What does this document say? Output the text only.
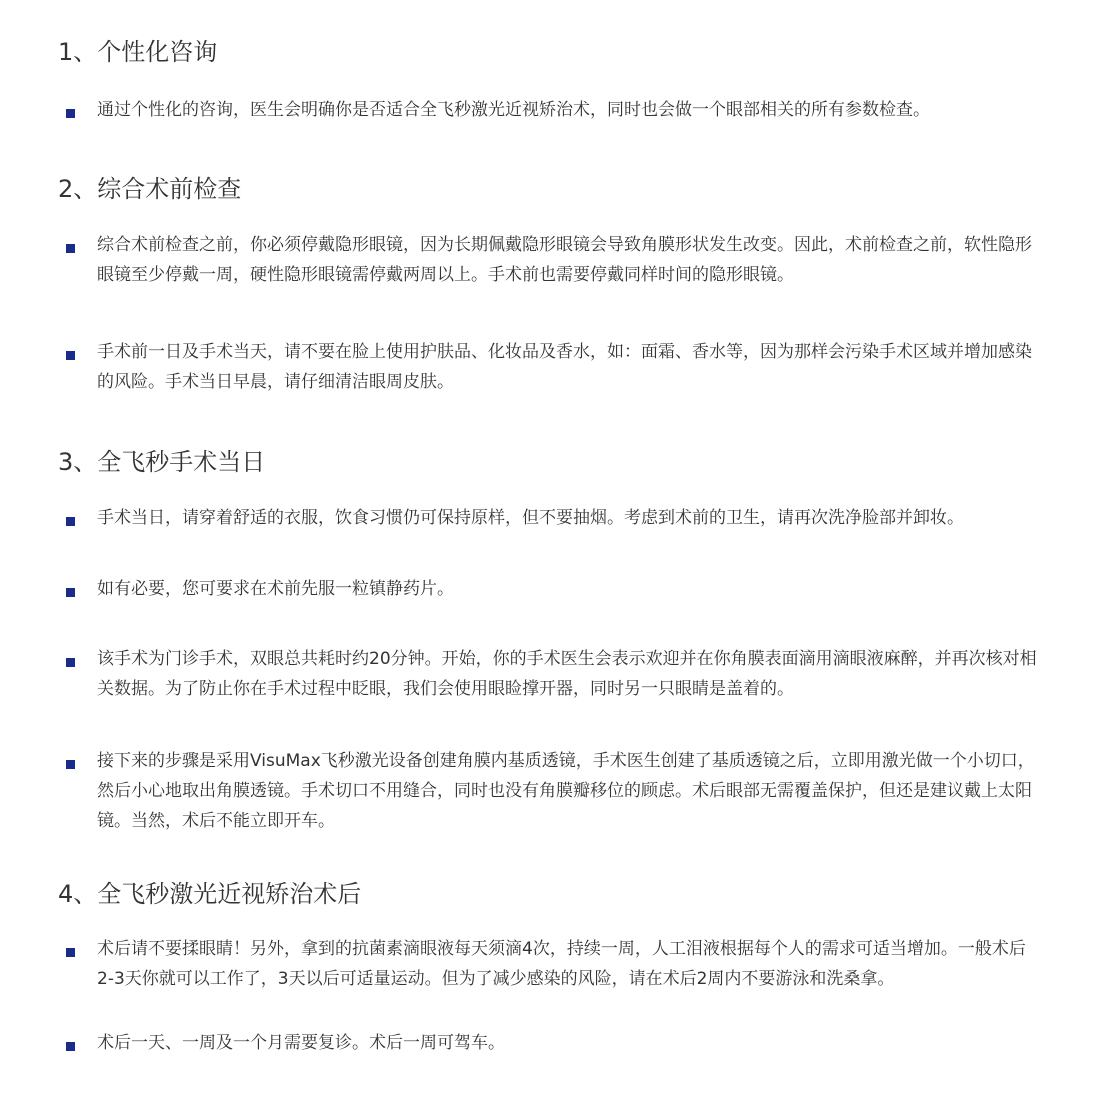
1、个性化咨询

通过个性化的咨询，医生会明确你是否适合全飞秒激光近视矫治术，同时也会做一个眼部相关的所有参数检查。

2、综合术前检查

综合术前检查之前，你必须停戴隐形眼镜，因为长期佩戴隐形眼镜会导致角膜形状发生改变。因此，术前检查之前，软性隐形眼镜至少停戴一周，硬性隐形眼镜需停戴两周以上。手术前也需要停戴同样时间的隐形眼镜。

手术前一日及手术当天，请不要在脸上使用护肤品、化妆品及香水，如：面霜、香水等，因为那样会污染手术区域并增加感染的风险。手术当日早晨，请仔细清洁眼周皮肤。

3、全飞秒手术当日

手术当日，请穿着舒适的衣服，饮食习惯仍可保持原样，但不要抽烟。考虑到术前的卫生，请再次洗净脸部并卸妆。

如有必要，您可要求在术前先服一粒镇静药片。

该手术为门诊手术，双眼总共耗时约20分钟。开始，你的手术医生会表示欢迎并在你角膜表面滴用滴眼液麻醉，并再次核对相关数据。为了防止你在手术过程中眨眼，我们会使用眼睑撑开器，同时另一只眼睛是盖着的。

接下来的步骤是采用VisuMax飞秒激光设备创建角膜内基质透镜，手术医生创建了基质透镜之后，立即用激光做一个小切口，然后小心地取出角膜透镜。手术切口不用缝合，同时也没有角膜瓣移位的顾虑。术后眼部无需覆盖保护，但还是建议戴上太阳镜。当然，术后不能立即开车。

4、全飞秒激光近视矫治术后

术后请不要揉眼睛！另外，拿到的抗菌素滴眼液每天须滴4次，持续一周，人工泪液根据每个人的需求可适当增加。一般术后2-3天你就可以工作了，3天以后可适量运动。但为了减少感染的风险，请在术后2周内不要游泳和洗桑拿。

术后一天、一周及一个月需要复诊。术后一周可驾车。
